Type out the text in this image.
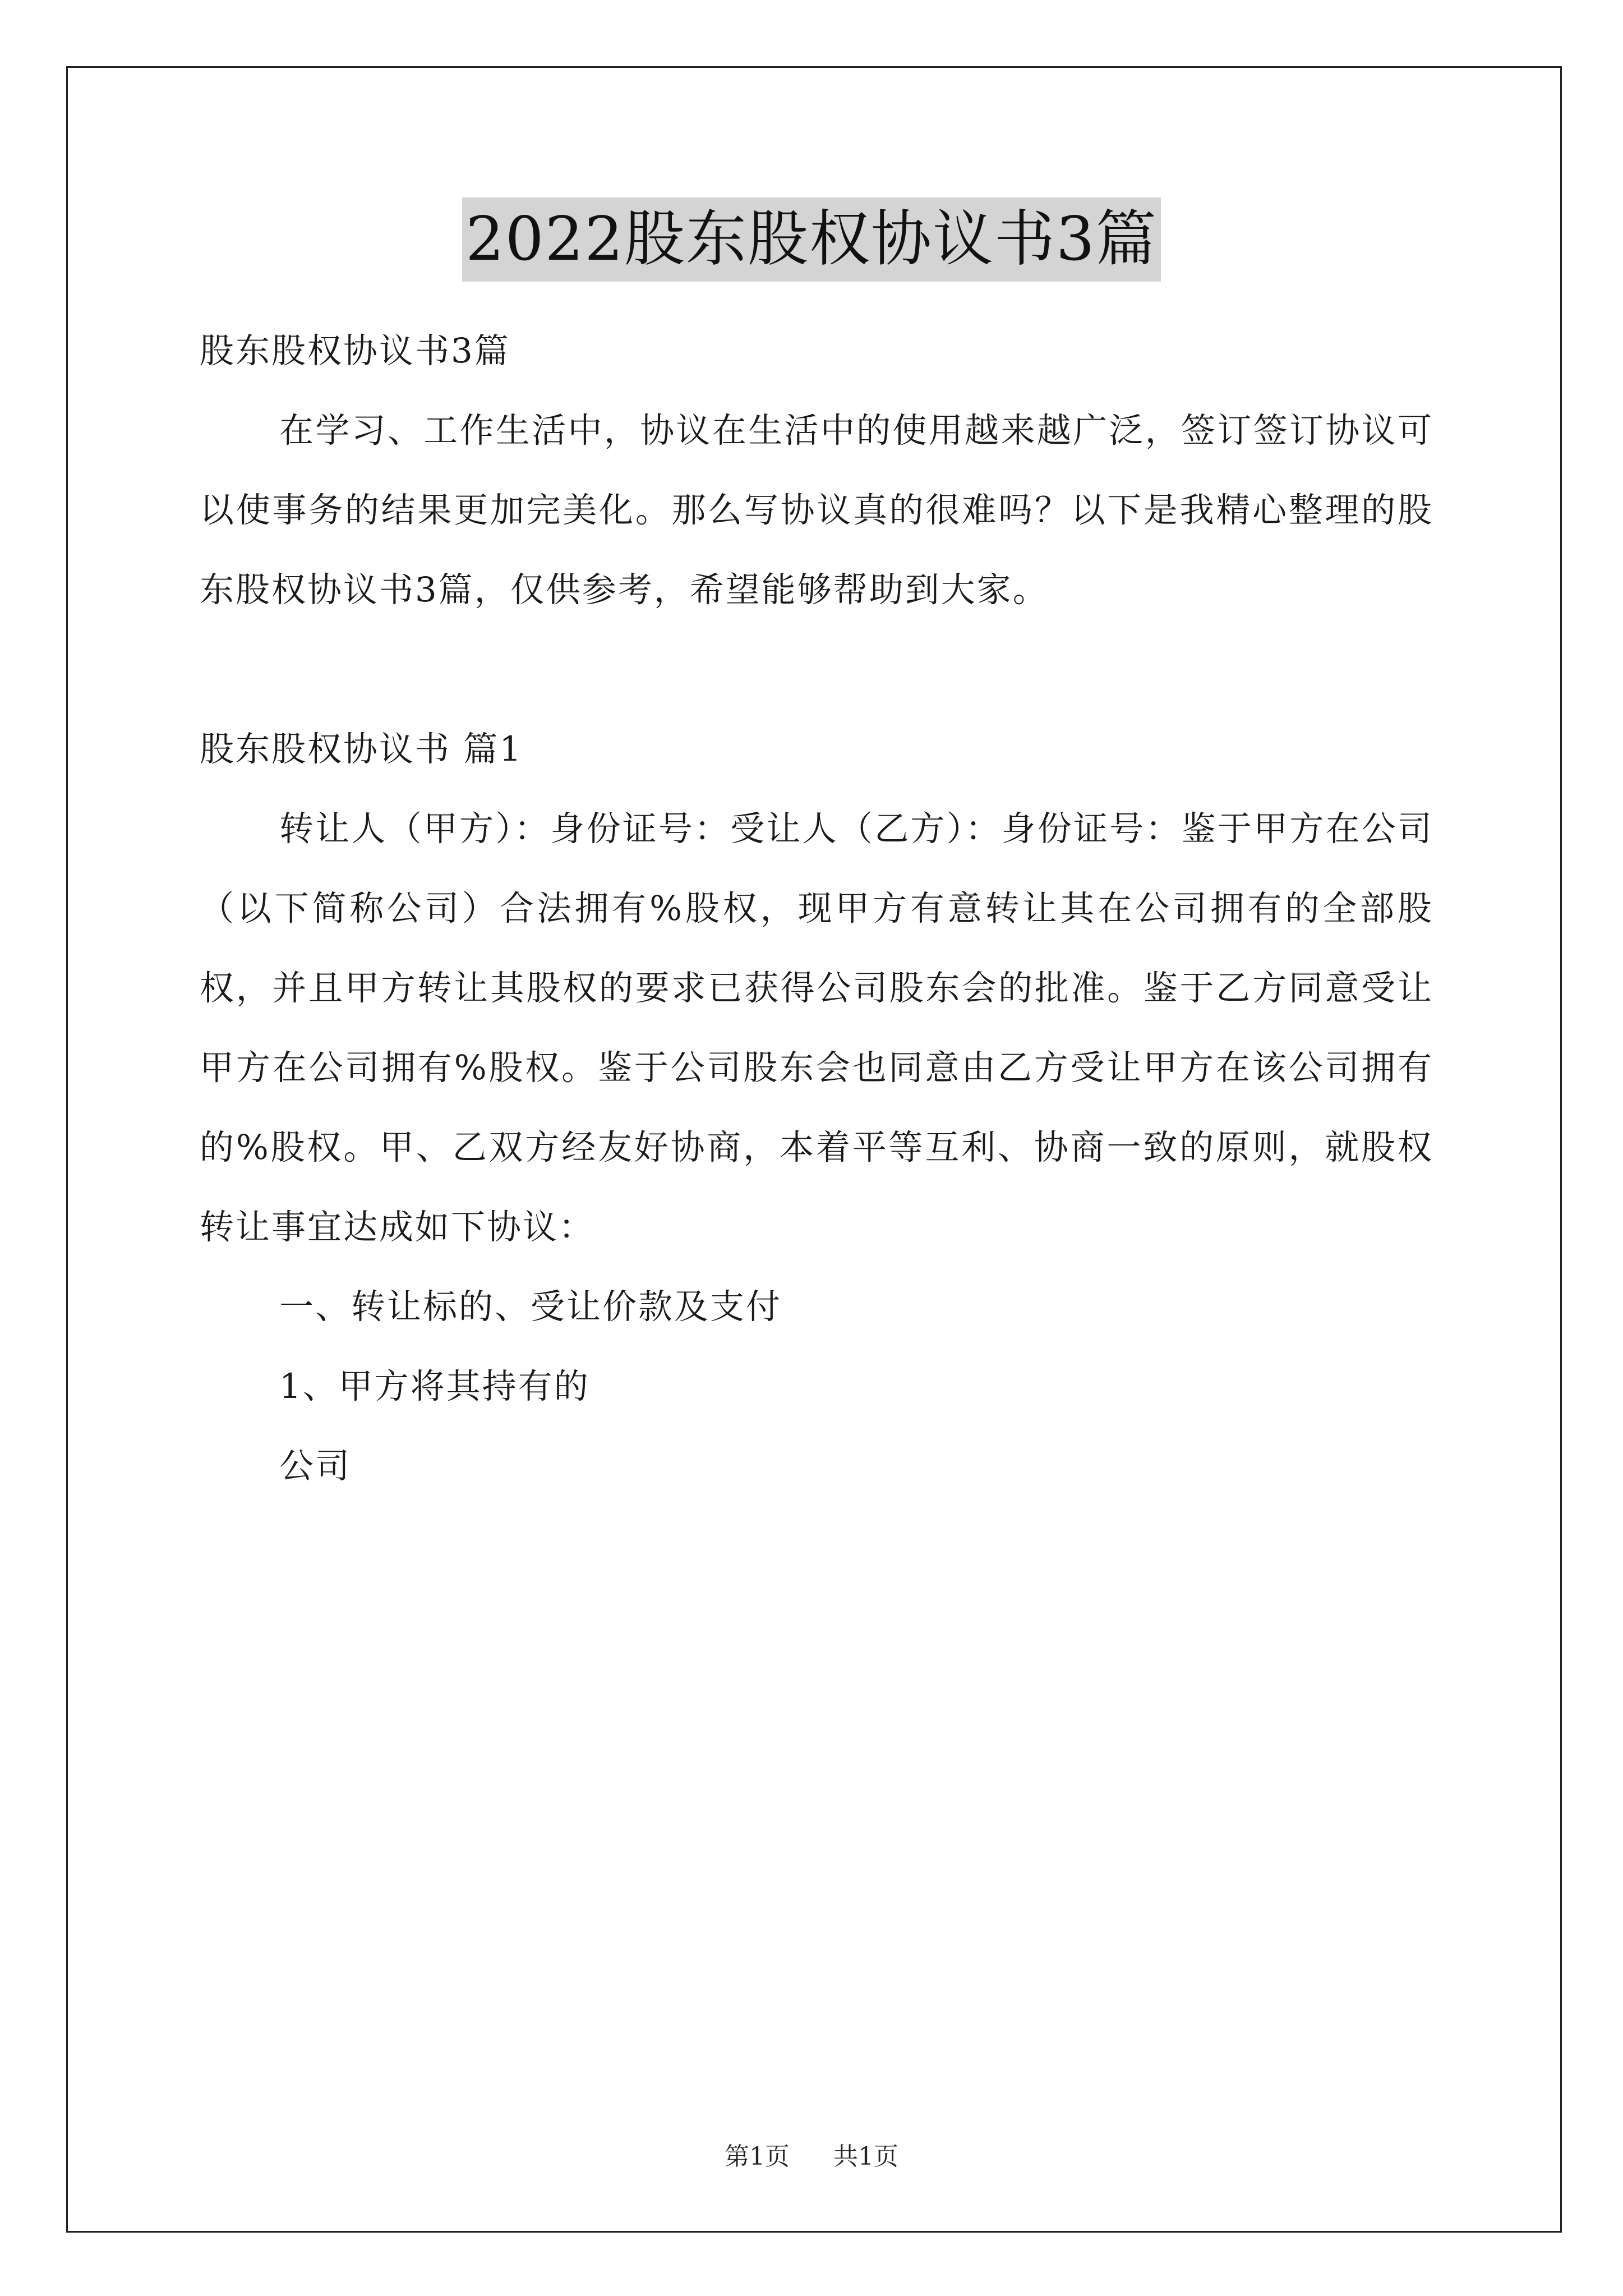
2022股东股权协议书3篇

股东股权协议书3篇

在学习、工作生活中，协议在生活中的使用越来越广泛，签订签订协议可以使事务的结果更加完美化。那么写协议真的很难吗？以下是我精心整理的股东股权协议书3篇，仅供参考，希望能够帮助到大家。

股东股权协议书 篇1

转让人（甲方）：身份证号：受让人（乙方）：身份证号：鉴于甲方在公司（以下简称公司）合法拥有%股权，现甲方有意转让其在公司拥有的全部股权，并且甲方转让其股权的要求已获得公司股东会的批准。鉴于乙方同意受让甲方在公司拥有%股权。鉴于公司股东会也同意由乙方受让甲方在该公司拥有的%股权。甲、乙双方经友好协商，本着平等互利、协商一致的原则，就股权转让事宜达成如下协议：

一、转让标的、受让价款及支付

1、甲方将其持有的

公司

第1页 共1页
